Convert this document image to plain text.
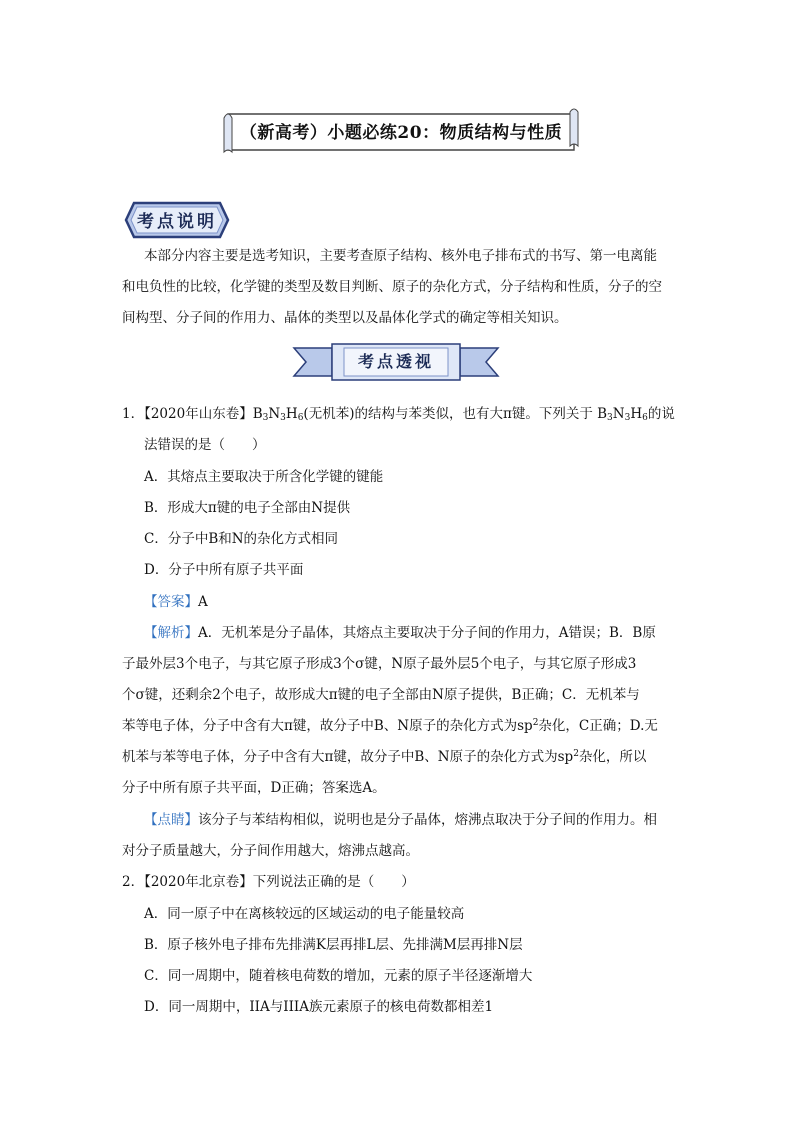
（新高考）小题必练20：物质结构与性质
考点说明
本部分内容主要是选考知识，主要考查原子结构、核外电子排布式的书写、第一电离能
和电负性的比较，化学键的类型及数目判断、原子的杂化方式，分子结构和性质，分子的空
间构型、分子间的作用力、晶体的类型以及晶体化学式的确定等相关知识。
考点透视
1．【2020年山东卷】$B_3N_3H_6$(无机苯)的结构与苯类似，也有大π键。下列关于 $B_3N_3H_6$的说
法错误的是（　　）
A．其熔点主要取决于所含化学键的键能
B．形成大π键的电子全部由N提供
C．分子中B和N的杂化方式相同
D．分子中所有原子共平面
【答案】A
【解析】A．无机苯是分子晶体，其熔点主要取决于分子间的作用力，A错误；B．B原
子最外层3个电子，与其它原子形成3个σ键，N原子最外层5个电子，与其它原子形成3
个σ键，还剩余2个电子，故形成大π键的电子全部由N原子提供，B正确；C．无机苯与
苯等电子体，分子中含有大π键，故分子中B、N原子的杂化方式为$sp^2$杂化，C正确；D.无
机苯与苯等电子体，分子中含有大π键，故分子中B、N原子的杂化方式为$sp^2$杂化，所以
分子中所有原子共平面，D正确；答案选A。
【点睛】该分子与苯结构相似，说明也是分子晶体，熔沸点取决于分子间的作用力。相
对分子质量越大，分子间作用越大，熔沸点越高。
2．【2020年北京卷】下列说法正确的是（　　）
A．同一原子中在离核较远的区域运动的电子能量较高
B．原子核外电子排布先排满K层再排L层、先排满M层再排N层
C．同一周期中，随着核电荷数的增加，元素的原子半径逐渐增大
D．同一周期中，IIA与IIIA族元素原子的核电荷数都相差1
